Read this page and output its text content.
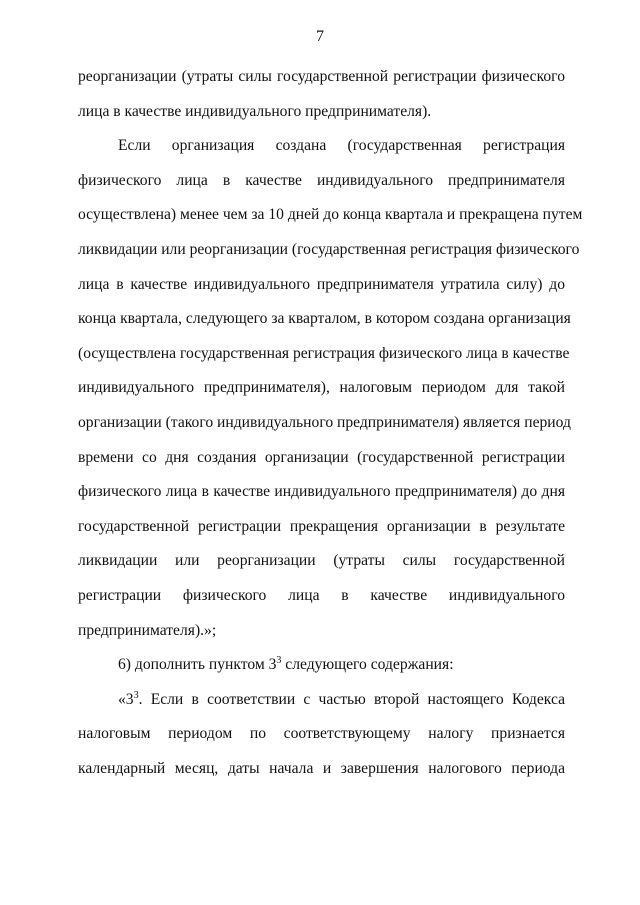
7
реорганизации (утраты силы государственной регистрации физического
лица в качестве индивидуального предпринимателя).
Если организация создана (государственная регистрация
физического лица в качестве индивидуального предпринимателя
осуществлена) менее чем за 10 дней до конца квартала и прекращена путем
ликвидации или реорганизации (государственная регистрация физического
лица в качестве индивидуального предпринимателя утратила силу) до
конца квартала, следующего за кварталом, в котором создана организация
(осуществлена государственная регистрация физического лица в качестве
индивидуального предпринимателя), налоговым периодом для такой
организации (такого индивидуального предпринимателя) является период
времени со дня создания организации (государственной регистрации
физического лица в качестве индивидуального предпринимателя) до дня
государственной регистрации прекращения организации в результате
ликвидации или реорганизации (утраты силы государственной
регистрации физического лица в качестве индивидуального
предпринимателя).»;
6) дополнить пунктом $3^3$ следующего содержания:
«$3^3$. Если в соответствии с частью второй настоящего Кодекса
налоговым периодом по соответствующему налогу признается
календарный месяц, даты начала и завершения налогового периода
